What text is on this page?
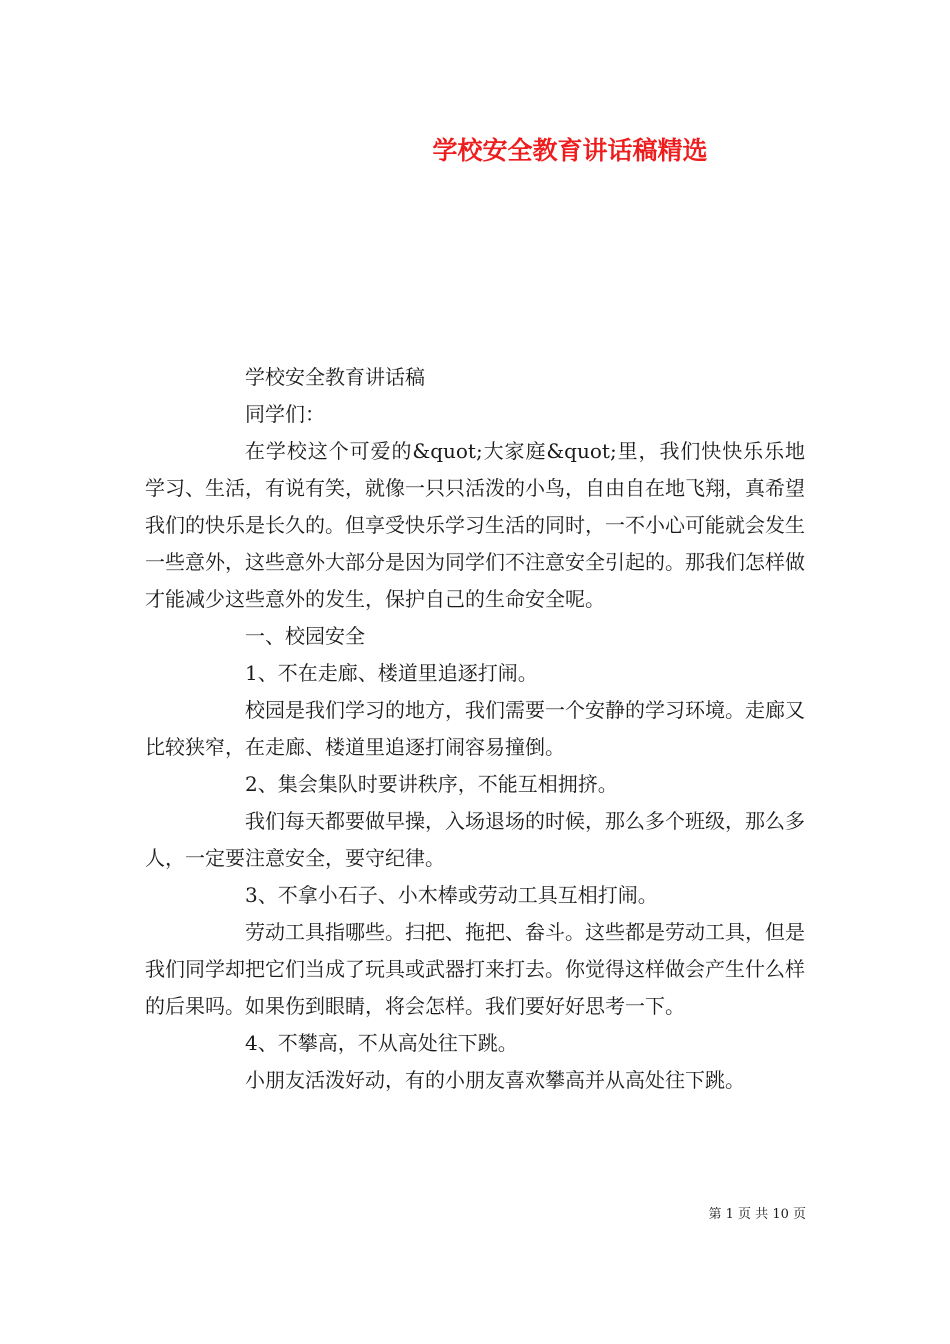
学校安全教育讲话稿精选

学校安全教育讲话稿

同学们：

在学校这个可爱的&quot;大家庭&quot;里，我们快快乐乐地学习、生活，有说有笑，就像一只只活泼的小鸟，自由自在地飞翔，真希望我们的快乐是长久的。但享受快乐学习生活的同时，一不小心可能就会发生一些意外，这些意外大部分是因为同学们不注意安全引起的。那我们怎样做才能减少这些意外的发生，保护自己的生命安全呢。

一、校园安全

1、不在走廊、楼道里追逐打闹。

校园是我们学习的地方，我们需要一个安静的学习环境。走廊又比较狭窄，在走廊、楼道里追逐打闹容易撞倒。

2、集会集队时要讲秩序，不能互相拥挤。

我们每天都要做早操，入场退场的时候，那么多个班级，那么多人，一定要注意安全，要守纪律。

3、不拿小石子、小木棒或劳动工具互相打闹。

劳动工具指哪些。扫把、拖把、畚斗。这些都是劳动工具，但是我们同学却把它们当成了玩具或武器打来打去。你觉得这样做会产生什么样的后果吗。如果伤到眼睛，将会怎样。我们要好好思考一下。

4、不攀高，不从高处往下跳。

小朋友活泼好动，有的小朋友喜欢攀高并从高处往下跳。

第 1 页 共 10 页
